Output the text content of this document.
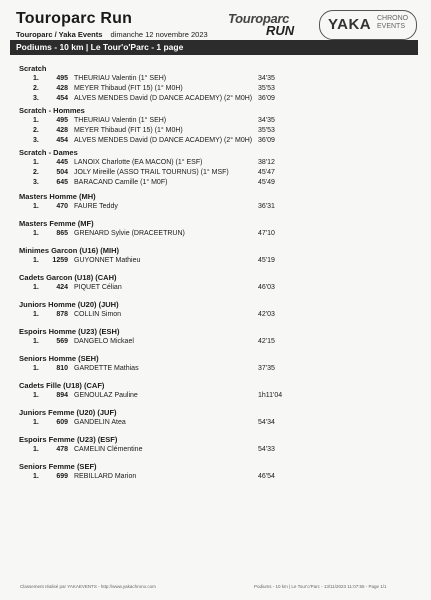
Touroparc Run
Touroparc / Yaka Events dimanche 12 novembre 2023
Touroparc
RUN YAKA CHRONO
EVENTS
Podiums - 10 km | Le Tour'o'Parc - 1 page
Scratch
1.	495 THEURIAU Valentin (1° SEH)	34'35
2.	428 MEYER Thibaud (FIT 15) (1° M0H)	35'53
3.	454 ALVES MENDES David (D DANCE ACADEMY) (2° M0H) 36'09
Scratch - Hommes
1.	495 THEURIAU Valentin (1° SEH)	34'35
2.	428 MEYER Thibaud (FIT 15) (1° M0H)	35'53
3.	454 ALVES MENDES David (D DANCE ACADEMY) (2° M0H) 36'09
Scratch - Dames
1.	445 LANOIX Charlotte (EA MACON) (1° ESF)	38'12
2.	504 JOLY Mireille (ASSO TRAIL TOURNUS) (1° MSF)	45'47
3.	645 BARACAND Camille (1° M0F)	45'49
Masters Homme (MH)
1.	470 FAURE Teddy	36'31
Masters Femme (MF)
1.	865 GRENARD Sylvie (DRACEETRUN)	47'10
Minimes Garcon (U16) (MIH)
1.	1259 GUYONNET Mathieu	45'19
Cadets Garcon (U18) (CAH)
1.	424 PIQUET Célian	46'03
Juniors Homme (U20) (JUH)
1.	878 COLLIN Simon	42'03
Espoirs Homme (U23) (ESH)
1.	569 DANGELO Mickael	42'15
Seniors Homme (SEH)
1.	810 GARDETTE Mathias	37'35
Cadets Fille (U18) (CAF)
1.	894 GENOULAZ Pauline	1h11'04
Juniors Femme (U20) (JUF)
1.	609 GANDELIN Atea	54'34
Espoirs Femme (U23) (ESF)
1.	478 CAMELIN Clémentine	54'33
Seniors Femme (SEF)
1.	699 REBILLARD Marion	46'54
Classement réalisé par YAKAEVENTS - http://www.yakachrono.com	Podiums - 10 km | Le Tour'o'Parc - 13/11/2023 11:07:55 - Page 1/1
